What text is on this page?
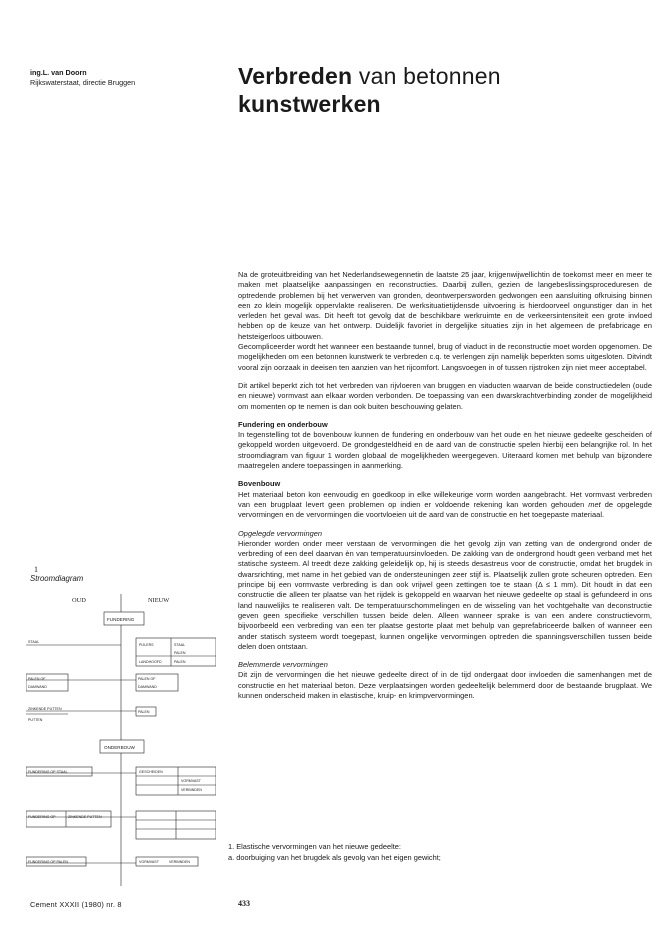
ing.L. van Doorn
Rijkswaterstaat, directie Bruggen	Verbreden van betonnen
kunstwerken

Na de groteuitbreiding van het Nederlandsewegennetin de laatste 25 jaar, krijgenwijwellichtin de toekomst meer en meer te maken met plaatselijke aanpassingen en reconstructies. Daarbij zullen, gezien de langebeslissingsproceduresen de optredende problemen bij het verwerven van gronden, deontwerpersworden gedwongen een aansluiting ofkruising binnen een zo klein mogelijk oppervlakte realiseren. De werksituatietijdensde uitvoering is hierdoorveel ongunstiger dan in het verleden het geval was. Dit heeft tot gevolg dat de beschikbare werkruimte en de verkeersintensiteit een grote invloed hebben op de keuze van het ontwerp. Duidelijk favoriet in dergelijke situaties zijn in het algemeen de prefabricage en hetsteigerloos uitbouwen.

Gecompliceerder wordt het wanneer een bestaande tunnel, brug of viaduct in de reconstructie moet worden opgenomen. De mogelijkheden om een betonnen kunstwerk te verbreden c.q. te verlengen zijn namelijk beperkten soms uitgesloten. Ditvindt vooral zijn oorzaak in deeisen ten aanzien van het rijcomfort. Langsvoegen in of tussen rijstroken zijn niet meer acceptabel.

Dit artikel beperkt zich tot het verbreden van rijvloeren van bruggen en viaducten waarvan de beide constructiedelen (oude en nieuwe) vormvast aan elkaar worden verbonden. De toepassing van een dwarskrachtverbinding zonder de mogelijkheid om momenten op te nemen is dan ook buiten beschouwing gelaten.

Fundering en onderbouw

In tegenstelling tot de bovenbouw kunnen de fundering en onderbouw van het oude en het nieuwe gedeelte gescheiden of gekoppeld worden uitgevoerd. De grondgesteldheid en de aard van de constructie spelen hierbij een belangrijke rol. In het stroomdiagram van figuur 1 worden globaal de mogelijkheden weergegeven. Uiteraard komen met behulp van bijzondere maatregelen andere toepassingen in aanmerking.

Bovenbouw

Het materiaal beton kon eenvoudig en goedkoop in elke willekeurige vorm worden aangebracht. Het vormvast verbreden van een brugplaat levert geen problemen op indien er voldoende rekening kan worden gehouden met de opgelegde vervormingen en de vervormingen die voortvloeien uit de aard van de constructie en het toegepaste materiaal.

Opgelegde vervormingen

Hieronder worden onder meer verstaan de vervormingen die het gevolg zijn van zetting van de ondergrond onder de verbreding of een deel daarvan èn van temperatuursinvloeden. De zakking van de ondergrond houdt geen verband met het statische systeem. Al treedt deze zakking geleidelijk op, hij is steeds desastreus voor de constructie, omdat het brugdek in dwarsrichting, met name in het gebied van de ondersteuningen zeer stijf is. Plaatselijk zullen grote scheuren optreden. Een principe bij een vormvaste verbreding is dan ook vrijwel geen zettingen toe te staan (Δ ≤ 1 mm). Dit houdt in dat een constructie die alleen ter plaatse van het rijdek is gekoppeld en waarvan het nieuwe gedeelte op staal is gefundeerd in ons land nauwelijks te realiseren valt. De temperatuurschommelingen en de wisseling van het vochtgehalte van deconstructie geven geen specifieke verschillen tussen beide delen. Alleen wanneer sprake is van een andere constructievorm, bijvoorbeeld een verbreding van een ter plaatse gestorte plaat met behulp van geprefabriceerde balken of wanneer een ander statisch systeem wordt toegepast, kunnen ongelijke vervormingen optreden die spanningsverschillen tussen beide delen doen ontstaan.

Belemmerde vervormingen

Dit zijn de vervormingen die het nieuwe gedeelte direct of in de tijd ondergaat door invloeden die samenhangen met de constructie en het materiaal beton. Deze verplaatsingen worden gedeeltelijk belemmerd door de bestaande brugplaat. We kunnen onderscheid maken in elastische, kruip- en krimpvervormingen.

1. Elastische vervormingen van het nieuwe gedeelte:
a. doorbuiging van het brugdek als gevolg van het eigen gewicht;
1
Stroomdiagram
OUD	NIEUW
FUNDERING
ONDERBOUW
STAAL
PIJLERS	STAAL
PALEN
LANDHOOFD	PALEN
PALEN OF
DAMWAND
PALEN OF
DAMWAND
ZINKENDE PUTTEN
PUTTEN
PALEN
FUNDERING OP STAAL	GESCHEIDEN
VORMVAST
VERBINDEN
FUNDERING OP	ZINKENDE PUTTEN
FUNDERING OP PALEN	VORMVAST	VERBINDEN
Cement XXXII (1980) nr. 8	433
